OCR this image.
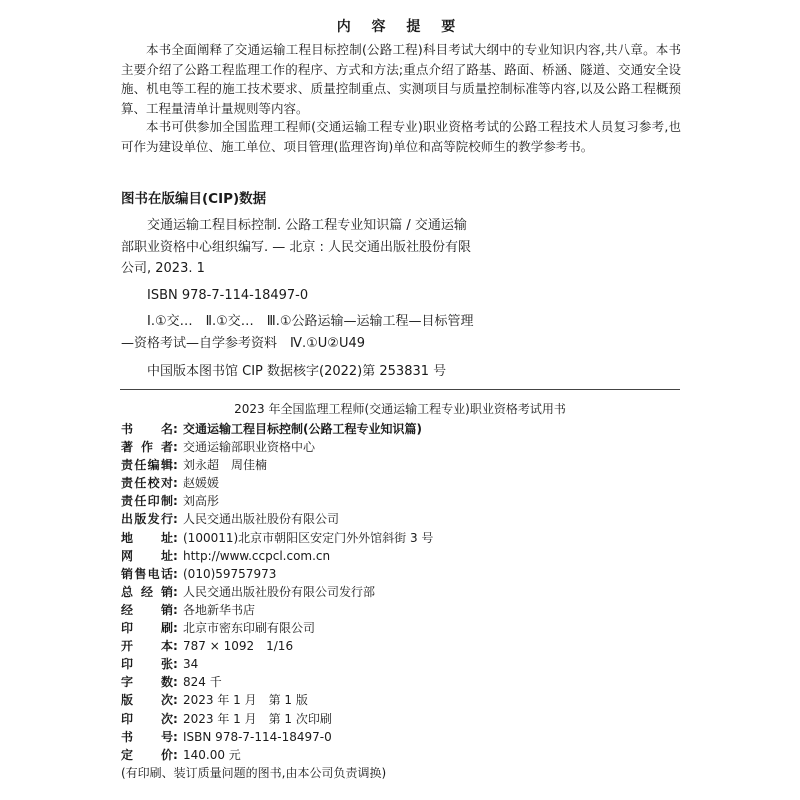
内 容 提 要

本书全面阐释了交通运输工程目标控制(公路工程)科目考试大纲中的专业知识内容,共八章。本书主要介绍了公路工程监理工作的程序、方式和方法;重点介绍了路基、路面、桥涵、隧道、交通安全设施、机电等工程的施工技术要求、质量控制重点、实测项目与质量控制标准等内容,以及公路工程概预算、工程量清单计量规则等内容。

本书可供参加全国监理工程师(交通运输工程专业)职业资格考试的公路工程技术人员复习参考,也可作为建设单位、施工单位、项目管理(监理咨询)单位和高等院校师生的教学参考书。

图书在版编目(CIP)数据

交通运输工程目标控制. 公路工程专业知识篇 / 交通运输部职业资格中心组织编写. — 北京 : 人民交通出版社股份有限公司, 2023. 1

ISBN 978-7-114-18497-0

Ⅰ.①交…　Ⅱ.①交…　Ⅲ.①公路运输—运输工程—目标管理—资格考试—自学参考资料　Ⅳ.①U②U49

中国版本图书馆 CIP 数据核字(2022)第 253831 号
2023 年全国监理工程师(交通运输工程专业)职业资格考试用书
书　　名 : 交通运输工程目标控制(公路工程专业知识篇)
著 作 者 : 交通运输部职业资格中心
责任编辑 : 刘永超　周佳楠
责任校对 : 赵媛媛
责任印制 : 刘高彤
出版发行 : 人民交通出版社股份有限公司
地　　址 : (100011)北京市朝阳区安定门外外馆斜街 3 号
网　　址 : http://www.ccpcl.com.cn
销售电话 : (010)59757973
总 经 销 : 人民交通出版社股份有限公司发行部
经　　销 : 各地新华书店
印　　刷 : 北京市密东印刷有限公司
开　　本 : 787 × 1092　1/16
印　　张 : 34
字　　数 : 824 千
版　　次 : 2023 年 1 月　第 1 版
印　　次 : 2023 年 1 月　第 1 次印刷
书　　号 : ISBN 978-7-114-18497-0
定　　价 : 140.00 元
(有印刷、装订质量问题的图书,由本公司负责调换)
